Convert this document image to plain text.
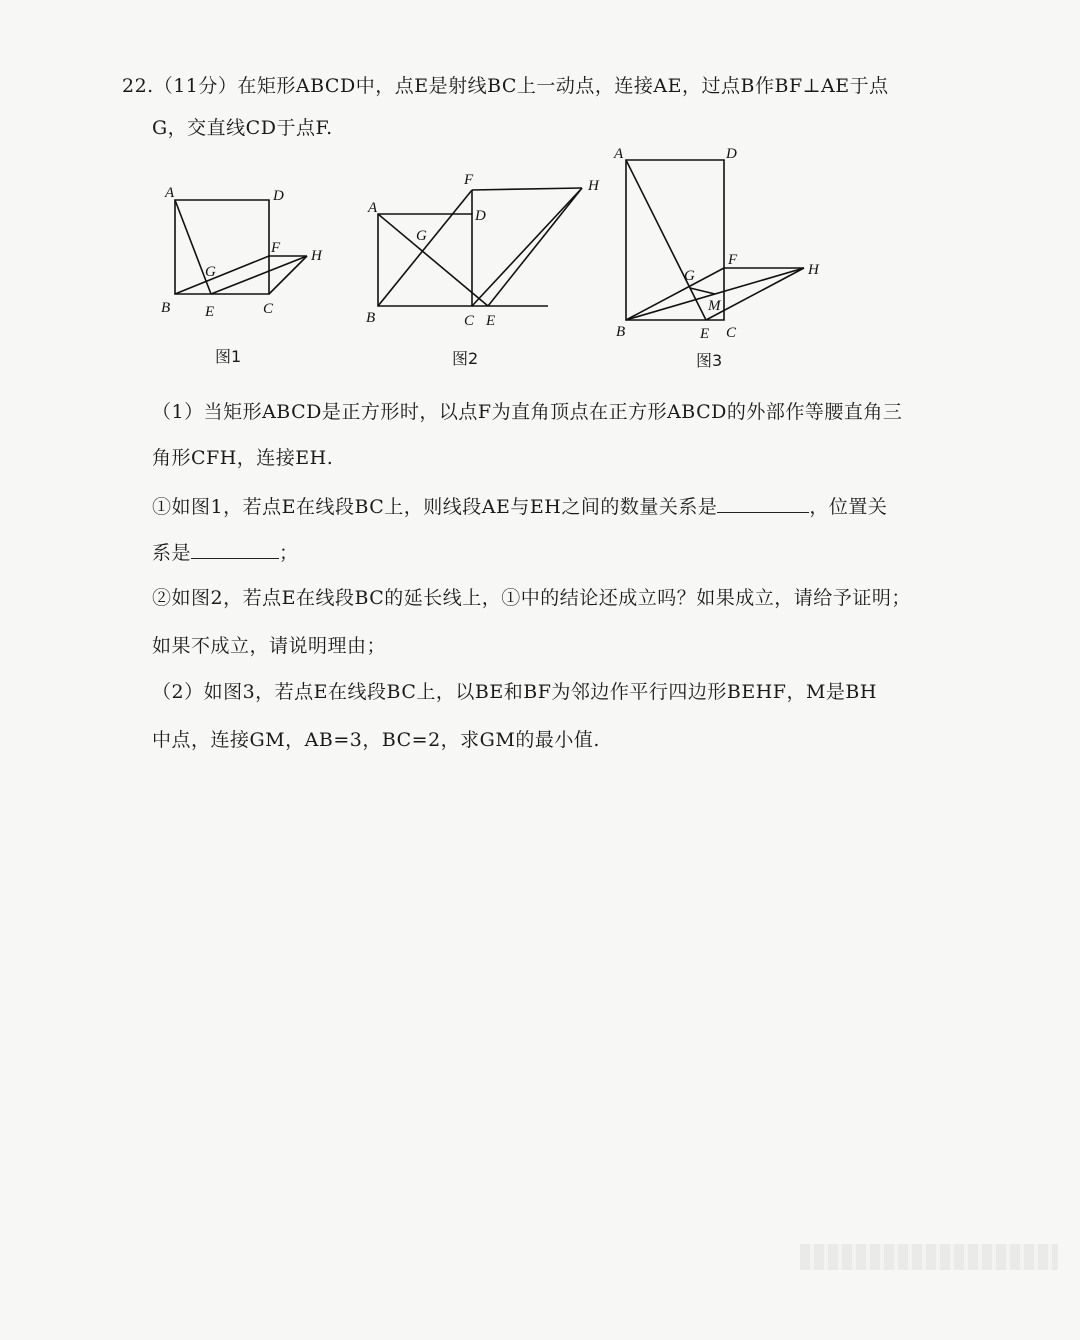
22.（11分）在矩形ABCD中，点E是射线BC上一动点，连接AE，过点B作BF⊥AE于点
G，交直线CD于点F.
A	D
B E	C
G
F H
图1
A	D
B	C E
G
F	H
图2
A	D
B	E C
G
F
H
M
图3
（1）当矩形ABCD是正方形时，以点F为直角顶点在正方形ABCD的外部作等腰直角三
角形CFH，连接EH.
①如图1，若点E在线段BC上，则线段AE与EH之间的数量关系是	，位置关
系是	；
②如图2，若点E在线段BC的延长线上，①中的结论还成立吗？如果成立，请给予证明；
如果不成立，请说明理由；
（2）如图3，若点E在线段BC上，以BE和BF为邻边作平行四边形BEHF，M是BH
中点，连接GM，AB=3，BC=2，求GM的最小值.
